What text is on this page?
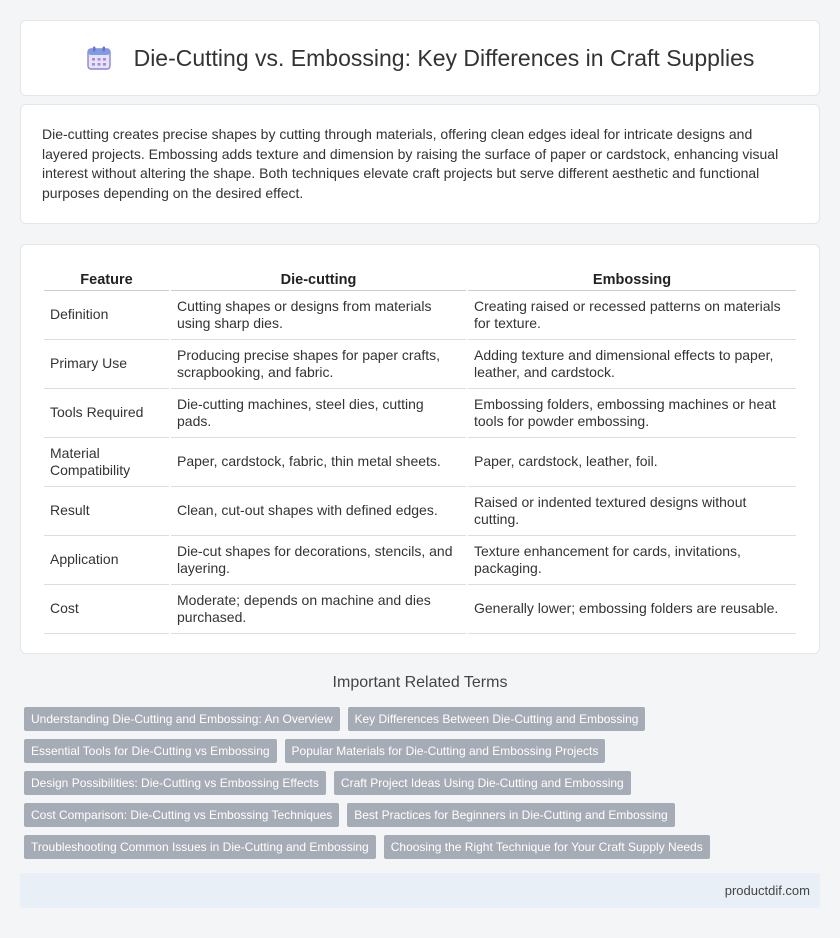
Die-Cutting vs. Embossing: Key Differences in Craft Supplies
Die-cutting creates precise shapes by cutting through materials, offering clean edges ideal for intricate designs and layered projects. Embossing adds texture and dimension by raising the surface of paper or cardstock, enhancing visual interest without altering the shape. Both techniques elevate craft projects but serve different aesthetic and functional purposes depending on the desired effect.
Feature	Die-cutting	Embossing
Definition	Cutting shapes or designs from materials using sharp dies.	Creating raised or recessed patterns on materials for texture.
Primary Use	Producing precise shapes for paper crafts, scrapbooking, and fabric.	Adding texture and dimensional effects to paper, leather, and cardstock.
Tools Required	Die-cutting machines, steel dies, cutting pads.	Embossing folders, embossing machines or heat tools for powder embossing.
Material Compatibility	Paper, cardstock, fabric, thin metal sheets.	Paper, cardstock, leather, foil.
Result	Clean, cut-out shapes with defined edges.	Raised or indented textured designs without cutting.
Application	Die-cut shapes for decorations, stencils, and layering.	Texture enhancement for cards, invitations, packaging.
Cost	Moderate; depends on machine and dies purchased.	Generally lower; embossing folders are reusable.
Important Related Terms
Understanding Die-Cutting and Embossing: An Overview	Key Differences Between Die-Cutting and Embossing
Essential Tools for Die-Cutting vs Embossing	Popular Materials for Die-Cutting and Embossing Projects
Design Possibilities: Die-Cutting vs Embossing Effects	Craft Project Ideas Using Die-Cutting and Embossing
Cost Comparison: Die-Cutting vs Embossing Techniques	Best Practices for Beginners in Die-Cutting and Embossing
Troubleshooting Common Issues in Die-Cutting and Embossing	Choosing the Right Technique for Your Craft Supply Needs
productdif.com
